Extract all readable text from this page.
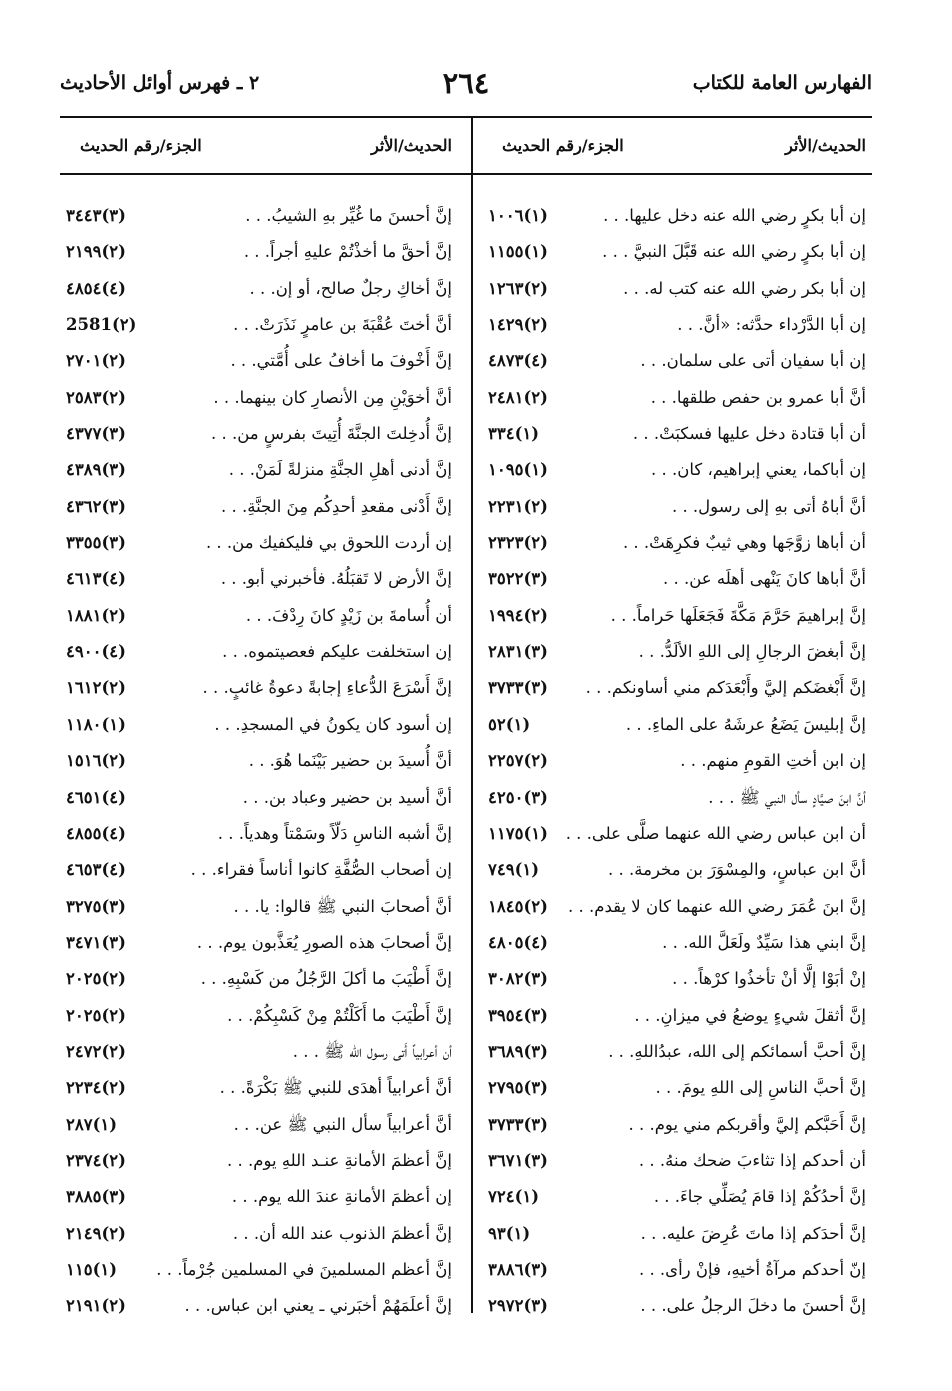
الفهارس العامة للكتاب
٢٦٤
٢ ـ فهرس أوائل الأحاديث
الحديث/الأثر
الجزء/رقم الحديث
إن أبا بكرٍ رضي الله عنه دخل عليها. . .
(١)١٠٠٦
إن أبا بكرٍ رضي الله عنه قَبَّلَ النبيَّ . . .
(١)١١٥٥
إن أبا بكر رضي الله عنه كتب له. . .
(٢)١٢٦٣
إن أبا الدَّرْداء حدَّثه: «أنَّ. . .
(٢)١٤٢٩
إن أبا سفيان أتى على سلمان. . .
(٤)٤٨٧٣
أنَّ أبا عمرو بن حفص طلقها. . .
(٢)٢٤٨١
أن أبا قتادة دخل عليها فسكبَتْ. . .
(١)٣٣٤
إن أباكما، يعني إبراهيم، كان. . .
(١)١٠٩٥
أنَّ أباهُ أتى بهِ إلى رسول. . .
(٢)٢٢٣١
أن أباها زوَّجَها وهي ثيبٌ فكرِهَتْ. . .
(٢)٢٣٢٣
أنَّ أباها كانَ يَنْهى أهلَه عن. . .
(٣)٣٥٢٢
إنَّ إبراهيمَ حَرَّمَ مَكَّةَ فَجَعَلَها حَراماً. . .
(٢)١٩٩٤
إنَّ أبغضَ الرجالِ إلى اللهِ الألَدُّ. . .
(٣)٢٨٣١
إنَّ أَبْغضَكم إليَّ وأَبْعَدَكم مني أساونكم. . .
(٣)٣٧٣٣
إنَّ إبليسَ يَضَعُ عرشَهُ على الماءِ. . .
(١)٥٢
إن ابن أختِ القومِ منهم. . .
(٢)٢٢٥٧
أنَّ ابنَ صيَّادٍ سأل النبي ﷺ . . .
(٣)٤٢٥٠
أن ابن عباس رضي الله عنهما صلَّى على. . .
(١)١١٧٥
أنَّ ابن عباسٍ، والمِسْوَرَ بن مخرمة. . .
(١)٧٤٩
إنَّ ابنَ عُمَرَ رضي الله عنهما كان لا يقدم. . .
(٢)١٨٤٥
إنَّ ابني هذا سَيِّدٌ ولَعَلَّ الله. . .
(٤)٤٨٠٥
إنْ أبَوْا إلَّا أنْ تأخذُوا كرْهاً. . .
(٣)٣٠٨٢
إنَّ أثقلَ شيءٍ يوضعُ في ميزانِ. . .
(٣)٣٩٥٤
إنَّ أحبَّ أسمائكم إلى الله، عبدُاللهِ. . .
(٣)٣٦٨٩
إنَّ أحبَّ الناسِ إلى اللهِ يومَ. . .
(٣)٢٧٩٥
إنَّ أَحَبَّكم إليَّ وأقربكم مني يوم. . .
(٣)٣٧٣٣
أن أحدكم إذا تثاءبَ ضحك منهُ. . .
(٣)٣٦٧١
إنَّ أحدُكُمْ إذا قامَ يُصَلِّي جاءَ. . .
(١)٧٢٤
إنَّ أحدَكم إذا ماتَ عُرِضَ عليه. . .
(١)٩٣
إنّ أحدكم مرآةُ أخيهِ، فإنْ رأى. . .
(٣)٣٨٨٦
إنَّ أحسنَ ما دخلَ الرجلُ على. . .
(٣)٢٩٧٢
الحديث/الأثر
الجزء/رقم الحديث
إنَّ أحسنَ ما غُيِّر بهِ الشيبُ. . .
(٣)٣٤٤٣
إنَّ أحقَّ ما أخذْتُمْ عليهِ أجراً. . .
(٢)٢١٩٩
إنَّ أخاكِ رجلٌ صالح، أو إن. . .
(٤)٤٨٥٤
أنَّ أختَ عُقْبَةَ بن عامرٍ نَذَرَتْ. . .
(٢)2581
إنَّ أَخْوفَ ما أخافُ على أُمَّتي. . .
(٢)٢٧٠١
أنَّ أخوَيْنِ مِن الأنصارِ كان بينهما. . .
(٢)٢٥٨٣
إنَّ أُدخِلتَ الجنَّةَ أُتِيتَ بفرسٍ من. . .
(٣)٤٣٧٧
إنَّ أدنى أهلِ الجنَّةِ منزلةً لَمَنْ. . .
(٣)٤٣٨٩
إنَّ أَدْنى مقعدِ أحدِكُم مِنَ الجنَّةِ. . .
(٣)٤٣٦٢
إن أردت اللحوق بي فليكفيك من. . .
(٣)٣٣٥٥
إنَّ الأرض لا تَقبَلُهُ. فأخبرني أبو. . .
(٤)٤٦١٣
أن أُسامةَ بن زَيْدٍ كانَ رِدْفَ. . .
(٢)١٨٨١
إن استخلفت عليكم فعصيتموه. . .
(٤)٤٩٠٠
إنَّ أَسْرَعَ الدُّعاءِ إجابةً دعوةُ غائبٍ. . .
(٢)١٦١٢
إن أسود كان يكونُ في المسجدِ. . .
(١)١١٨٠
أنَّ أُسيدَ بن حضير بَيْنَما هُوَ. . .
(٢)١٥١٦
أنَّ أسيد بن حضير وعباد بن. . .
(٤)٤٦٥١
إنَّ أشبه الناسِ دَلّاً وسَمْتاً وهدياً. . .
(٤)٤٨٥٥
إن أصحاب الصُّفَّةِ كانوا أناساً فقراء. . .
(٤)٤٦٥٣
أنَّ أصحابَ النبي ﷺ قالوا: يا. . .
(٣)٣٢٧٥
إنَّ أصحابَ هذه الصورِ يُعَذَّبون يوم. . .
(٣)٣٤٧١
إنَّ أَطْيَبَ ما أكلَ الرَّجُلُ من كَسْبِهِ. . .
(٢)٢٠٢٥
إنَّ أَطْيَبَ ما أَكَلْتُمْ مِنْ كَسْبِكُمْ. . .
(٢)٢٠٢٥
أن أعرابياً أَتى رسول الله ﷺ . . .
(٢)٢٤٧٢
أنَّ أعرابياً أهدَى للنبي ﷺ بَكْرَةً. . .
(٢)٢٢٣٤
أنَّ أعرابياً سأل النبي ﷺ عن. . .
(١)٢٨٧
إنَّ أعظمَ الأمانةِ عنـد اللهِ يوم. . .
(٢)٢٣٧٤
إن أعظمَ الأمانةِ عندَ الله يوم. . .
(٣)٣٨٨٥
إنَّ أعظمَ الذنوب عند الله أن. . .
(٢)٢١٤٩
إنَّ أعظم المسلمينَ في المسلمين جُرْماً. . .
(١)١١٥
إنَّ أعلَمَهُمْ أخبَرني ـ يعني ابن عباس. . .
(٢)٢١٩١
